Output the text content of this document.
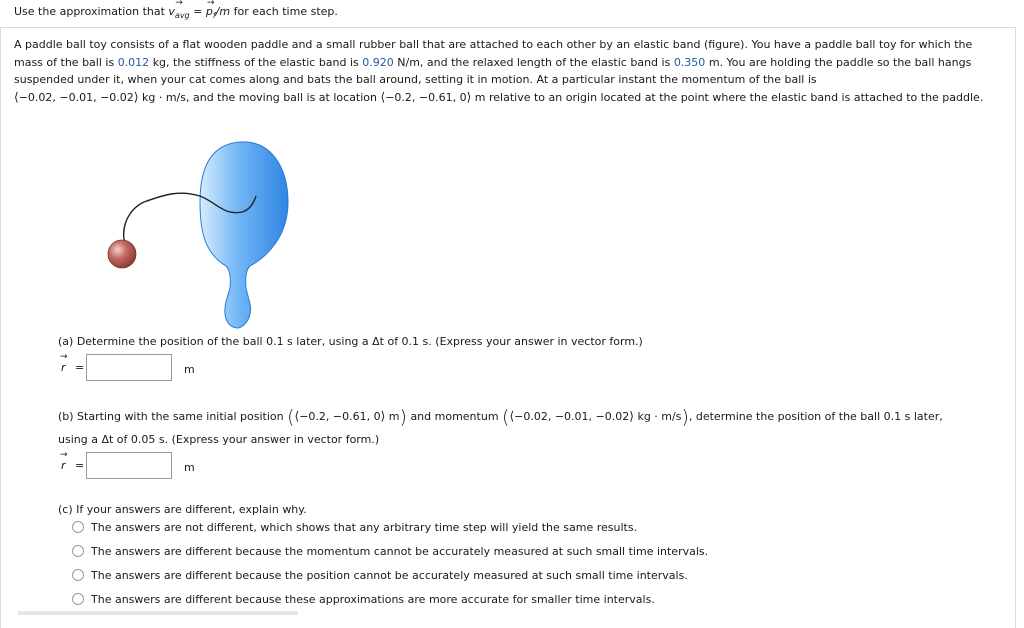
Use the approximation that → $v_{avg}$ = → $p_f/m$ for each time step.

A paddle ball toy consists of a flat wooden paddle and a small rubber ball that are attached to each other by an elastic band (figure). You have a paddle ball toy for which the mass of the ball is 0.012 kg, the stiffness of the elastic band is 0.920 N/m, and the relaxed length of the elastic band is 0.350 m. You are holding the paddle so the ball hangs suspended under it, when your cat comes along and bats the ball around, setting it in motion. At a particular instant the momentum of the ball is
⟨−0.02, −0.01, −0.02⟩ kg · m/s, and the moving ball is at location ⟨−0.2, −0.61, 0⟩ m relative to an origin located at the point where the elastic band is attached to the paddle.

(a) Determine the position of the ball 0.1 s later, using a Δt of 0.1 s. (Express your answer in vector form.)
→ r =	m
(b) Starting with the same initial position (⟨−0.2, −0.61, 0⟩ m) and momentum (⟨−0.02, −0.01, −0.02⟩ kg · m/s), determine the position of the ball 0.1 s later,
using a Δt of 0.05 s. (Express your answer in vector form.)
→ r =	m
(c) If your answers are different, explain why.
The answers are not different, which shows that any arbitrary time step will yield the same results.
The answers are different because the momentum cannot be accurately measured at such small time intervals.
The answers are different because the position cannot be accurately measured at such small time intervals.
The answers are different because these approximations are more accurate for smaller time intervals.
